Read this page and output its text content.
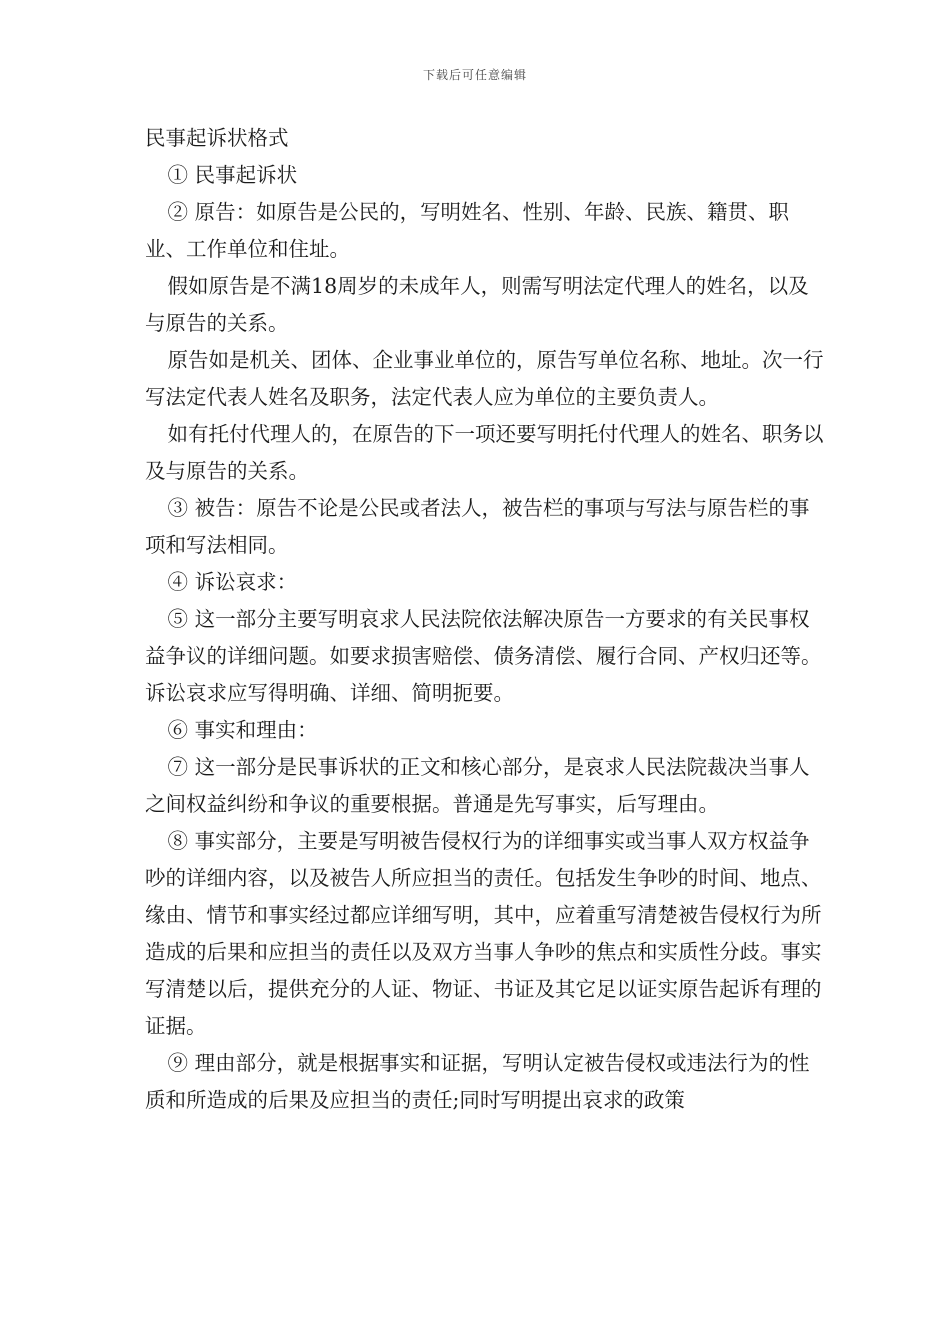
下载后可任意编辑

民事起诉状格式

① 民事起诉状

② 原告：如原告是公民的，写明姓名、性别、年龄、民族、籍贯、职业、工作单位和住址。

假如原告是不满18周岁的未成年人，则需写明法定代理人的姓名，以及与原告的关系。

原告如是机关、团体、企业事业单位的，原告写单位名称、地址。次一行写法定代表人姓名及职务，法定代表人应为单位的主要负责人。

如有托付代理人的，在原告的下一项还要写明托付代理人的姓名、职务以及与原告的关系。

③ 被告：原告不论是公民或者法人，被告栏的事项与写法与原告栏的事项和写法相同。

④ 诉讼哀求：

⑤ 这一部分主要写明哀求人民法院依法解决原告一方要求的有关民事权益争议的详细问题。如要求损害赔偿、债务清偿、履行合同、产权归还等。诉讼哀求应写得明确、详细、简明扼要。

⑥ 事实和理由：

⑦ 这一部分是民事诉状的正文和核心部分，是哀求人民法院裁决当事人之间权益纠纷和争议的重要根据。普通是先写事实，后写理由。

⑧ 事实部分，主要是写明被告侵权行为的详细事实或当事人双方权益争吵的详细内容，以及被告人所应担当的责任。包括发生争吵的时间、地点、缘由、情节和事实经过都应详细写明，其中，应着重写清楚被告侵权行为所造成的后果和应担当的责任以及双方当事人争吵的焦点和实质性分歧。事实写清楚以后，提供充分的人证、物证、书证及其它足以证实原告起诉有理的证据。

⑨ 理由部分，就是根据事实和证据，写明认定被告侵权或违法行为的性质和所造成的后果及应担当的责任;同时写明提出哀求的政策
